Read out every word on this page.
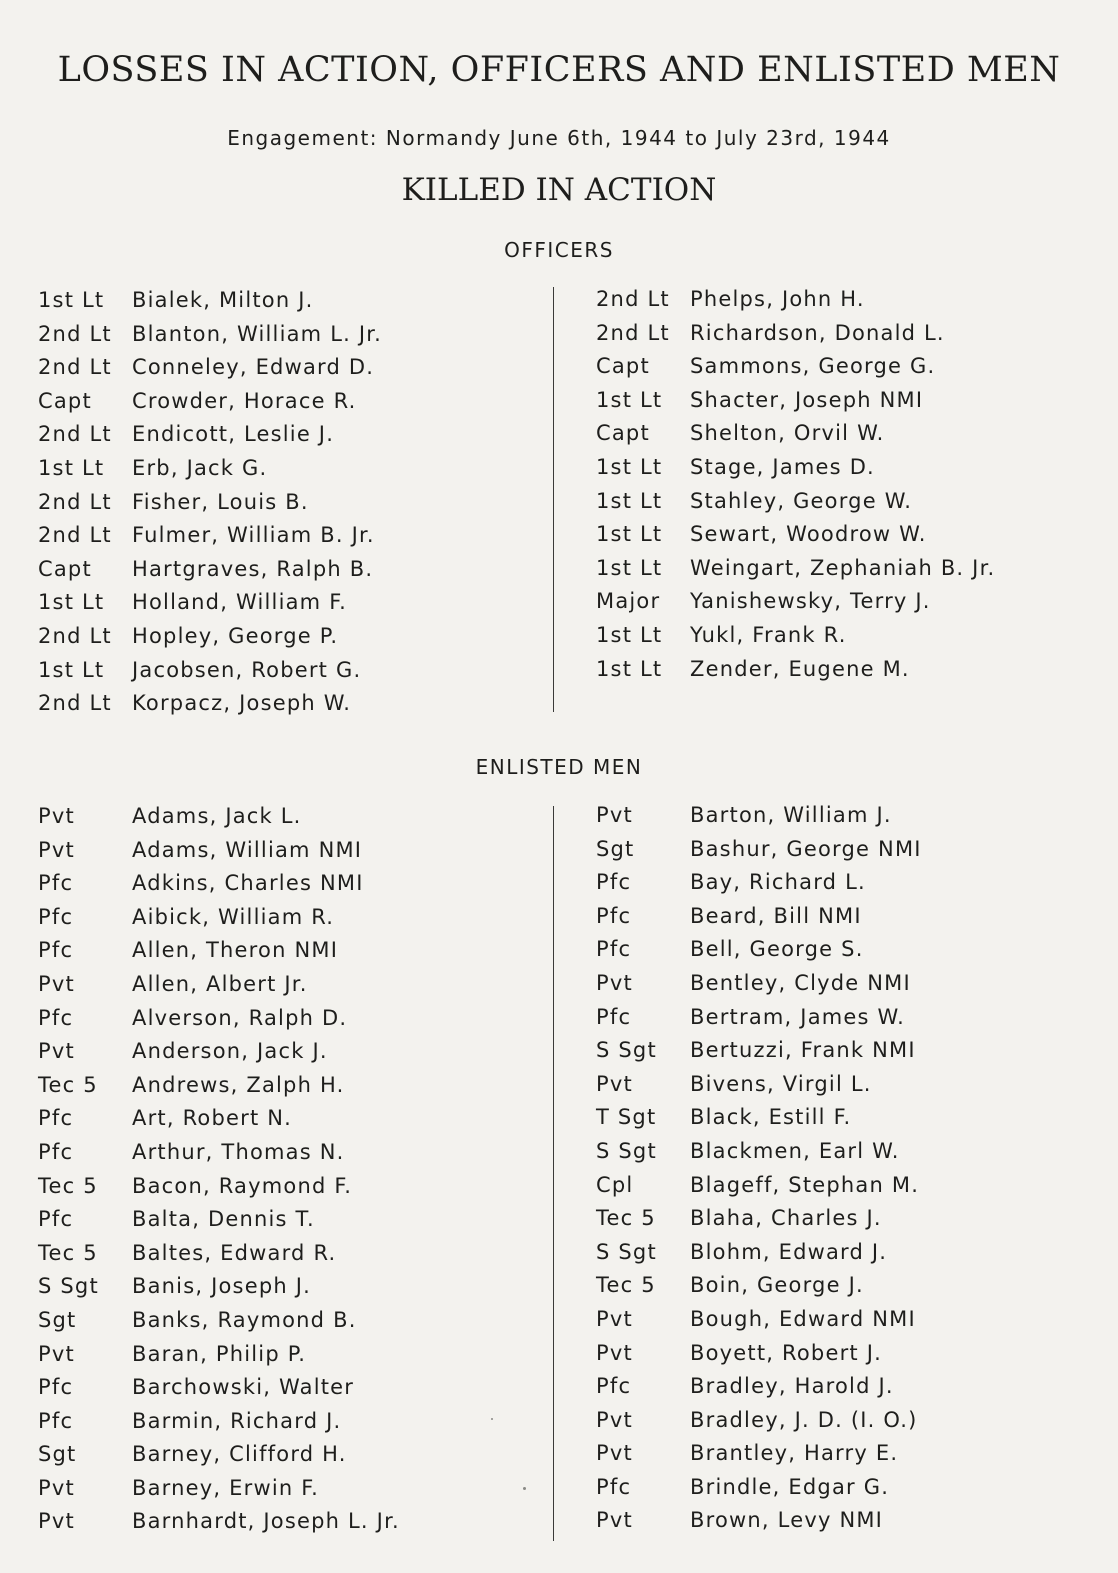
LOSSES IN ACTION, OFFICERS AND ENLISTED MEN
Engagement: Normandy June 6th, 1944 to July 23rd, 1944
KILLED IN ACTION
OFFICERS
1st Lt Bialek, Milton J.
2nd Lt Blanton, William L. Jr.
2nd Lt Conneley, Edward D.
Capt Crowder, Horace R.
2nd Lt Endicott, Leslie J.
1st Lt Erb, Jack G.
2nd Lt Fisher, Louis B.
2nd Lt Fulmer, William B. Jr.
Capt Hartgraves, Ralph B.
1st Lt Holland, William F.
2nd Lt Hopley, George P.
1st Lt Jacobsen, Robert G.
2nd Lt Korpacz, Joseph W.
2nd Lt Phelps, John H.
2nd Lt Richardson, Donald L.
Capt Sammons, George G.
1st Lt Shacter, Joseph NMI
Capt Shelton, Orvil W.
1st Lt Stage, James D.
1st Lt Stahley, George W.
1st Lt Sewart, Woodrow W.
1st Lt Weingart, Zephaniah B. Jr.
Major Yanishewsky, Terry J.
1st Lt Yukl, Frank R.
1st Lt Zender, Eugene M.
ENLISTED MEN
Pvt	Adams, Jack L.
Pvt	Adams, William NMI
Pfc	Adkins, Charles NMI
Pfc	Aibick, William R.
Pfc	Allen, Theron NMI
Pvt	Allen, Albert Jr.
Pfc	Alverson, Ralph D.
Pvt	Anderson, Jack J.
Tec 5 Andrews, Zalph H.
Pfc	Art, Robert N.
Pfc	Arthur, Thomas N.
Tec 5 Bacon, Raymond F.
Pfc	Balta, Dennis T.
Tec 5 Baltes, Edward R.
S Sgt Banis, Joseph J.
Sgt	Banks, Raymond B.
Pvt	Baran, Philip P.
Pfc	Barchowski, Walter
Pfc	Barmin, Richard J.
Sgt	Barney, Clifford H.
Pvt	Barney, Erwin F.
Pvt	Barnhardt, Joseph L. Jr.
Pvt	Barton, William J.
Sgt	Bashur, George NMI
Pfc	Bay, Richard L.
Pfc	Beard, Bill NMI
Pfc	Bell, George S.
Pvt	Bentley, Clyde NMI
Pfc	Bertram, James W.
S Sgt Bertuzzi, Frank NMI
Pvt	Bivens, Virgil L.
T Sgt Black, Estill F.
S Sgt Blackmen, Earl W.
Cpl	Blageff, Stephan M.
Tec 5 Blaha, Charles J.
S Sgt Blohm, Edward J.
Tec 5 Boin, George J.
Pvt	Bough, Edward NMI
Pvt	Boyett, Robert J.
Pfc	Bradley, Harold J.
Pvt	Bradley, J. D. (I. O.)
Pvt	Brantley, Harry E.
Pfc	Brindle, Edgar G.
Pvt	Brown, Levy NMI
